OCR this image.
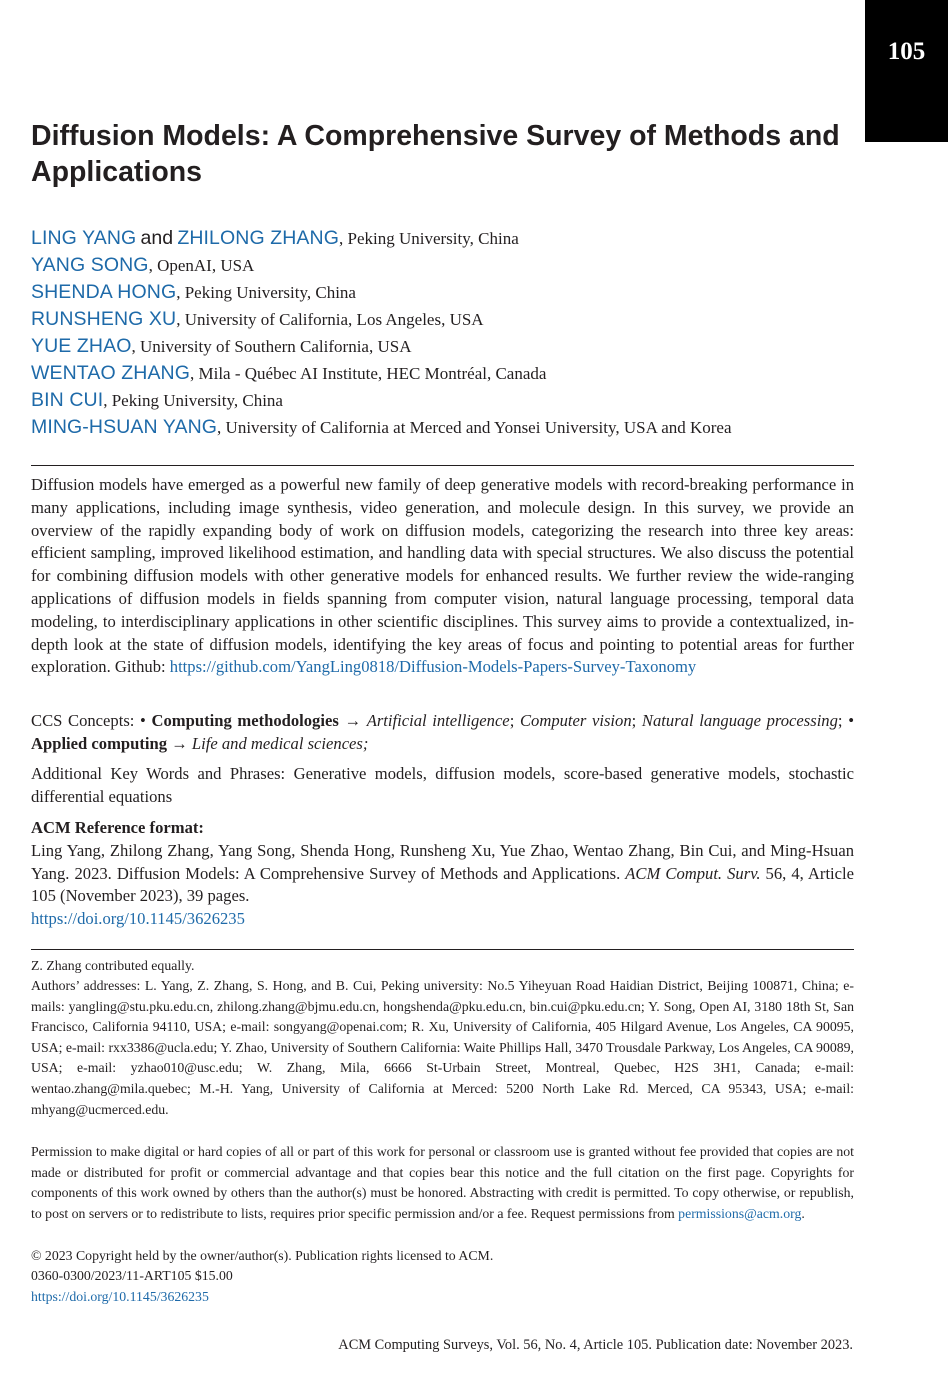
105
Diffusion Models: A Comprehensive Survey of Methods and Applications
LING YANG and ZHILONG ZHANG, Peking University, China
YANG SONG, OpenAI, USA
SHENDA HONG, Peking University, China
RUNSHENG XU, University of California, Los Angeles, USA
YUE ZHAO, University of Southern California, USA
WENTAO ZHANG, Mila - Québec AI Institute, HEC Montréal, Canada
BIN CUI, Peking University, China
MING-HSUAN YANG, University of California at Merced and Yonsei University, USA and Korea

Diffusion models have emerged as a powerful new family of deep generative models with record-breaking performance in many applications, including image synthesis, video generation, and molecule design. In this survey, we provide an overview of the rapidly expanding body of work on diffusion models, categorizing the research into three key areas: efficient sampling, improved likelihood estimation, and handling data with special structures. We also discuss the potential for combining diffusion models with other generative models for enhanced results. We further review the wide-ranging applications of diffusion models in fields spanning from computer vision, natural language processing, temporal data modeling, to interdisciplinary applications in other scientific disciplines. This survey aims to provide a contextualized, in-depth look at the state of diffusion models, identifying the key areas of focus and pointing to potential areas for further exploration. Github: https://github.com/YangLing0818/Diffusion-Models-Papers-Survey-Taxonomy

CCS Concepts: • Computing methodologies → Artificial intelligence; Computer vision; Natural language processing; • Applied computing → Life and medical sciences;

Additional Key Words and Phrases: Generative models, diffusion models, score-based generative models, stochastic differential equations

ACM Reference format:
Ling Yang, Zhilong Zhang, Yang Song, Shenda Hong, Runsheng Xu, Yue Zhao, Wentao Zhang, Bin Cui, and Ming-Hsuan Yang. 2023. Diffusion Models: A Comprehensive Survey of Methods and Applications. ACM Comput. Surv. 56, 4, Article 105 (November 2023), 39 pages.
https://doi.org/10.1145/3626235

Z. Zhang contributed equally.

Authors’ addresses: L. Yang, Z. Zhang, S. Hong, and B. Cui, Peking university: No.5 Yiheyuan Road Haidian District, Beijing 100871, China; e-mails: yangling@stu.pku.edu.cn, zhilong.zhang@bjmu.edu.cn, hongshenda@pku.edu.cn, bin.cui@pku.edu.cn; Y. Song, Open AI, 3180 18th St, San Francisco, California 94110, USA; e-mail: songyang@openai.com; R. Xu, University of California, 405 Hilgard Avenue, Los Angeles, CA 90095, USA; e-mail: rxx3386@ucla.edu; Y. Zhao, University of Southern California: Waite Phillips Hall, 3470 Trousdale Parkway, Los Angeles, CA 90089, USA; e-mail: yzhao010@usc.edu; W. Zhang, Mila, 6666 St-Urbain Street, Montreal, Quebec, H2S 3H1, Canada; e-mail: wentao.zhang@mila.quebec; M.-H. Yang, University of California at Merced: 5200 North Lake Rd. Merced, CA 95343, USA; e-mail: mhyang@ucmerced.edu.

Permission to make digital or hard copies of all or part of this work for personal or classroom use is granted without fee provided that copies are not made or distributed for profit or commercial advantage and that copies bear this notice and the full citation on the first page. Copyrights for components of this work owned by others than the author(s) must be honored. Abstracting with credit is permitted. To copy otherwise, or republish, to post on servers or to redistribute to lists, requires prior specific permission and/or a fee. Request permissions from permissions@acm.org.

© 2023 Copyright held by the owner/author(s). Publication rights licensed to ACM.

0360-0300/2023/11-ART105 $15.00

https://doi.org/10.1145/3626235

ACM Computing Surveys, Vol. 56, No. 4, Article 105. Publication date: November 2023.
